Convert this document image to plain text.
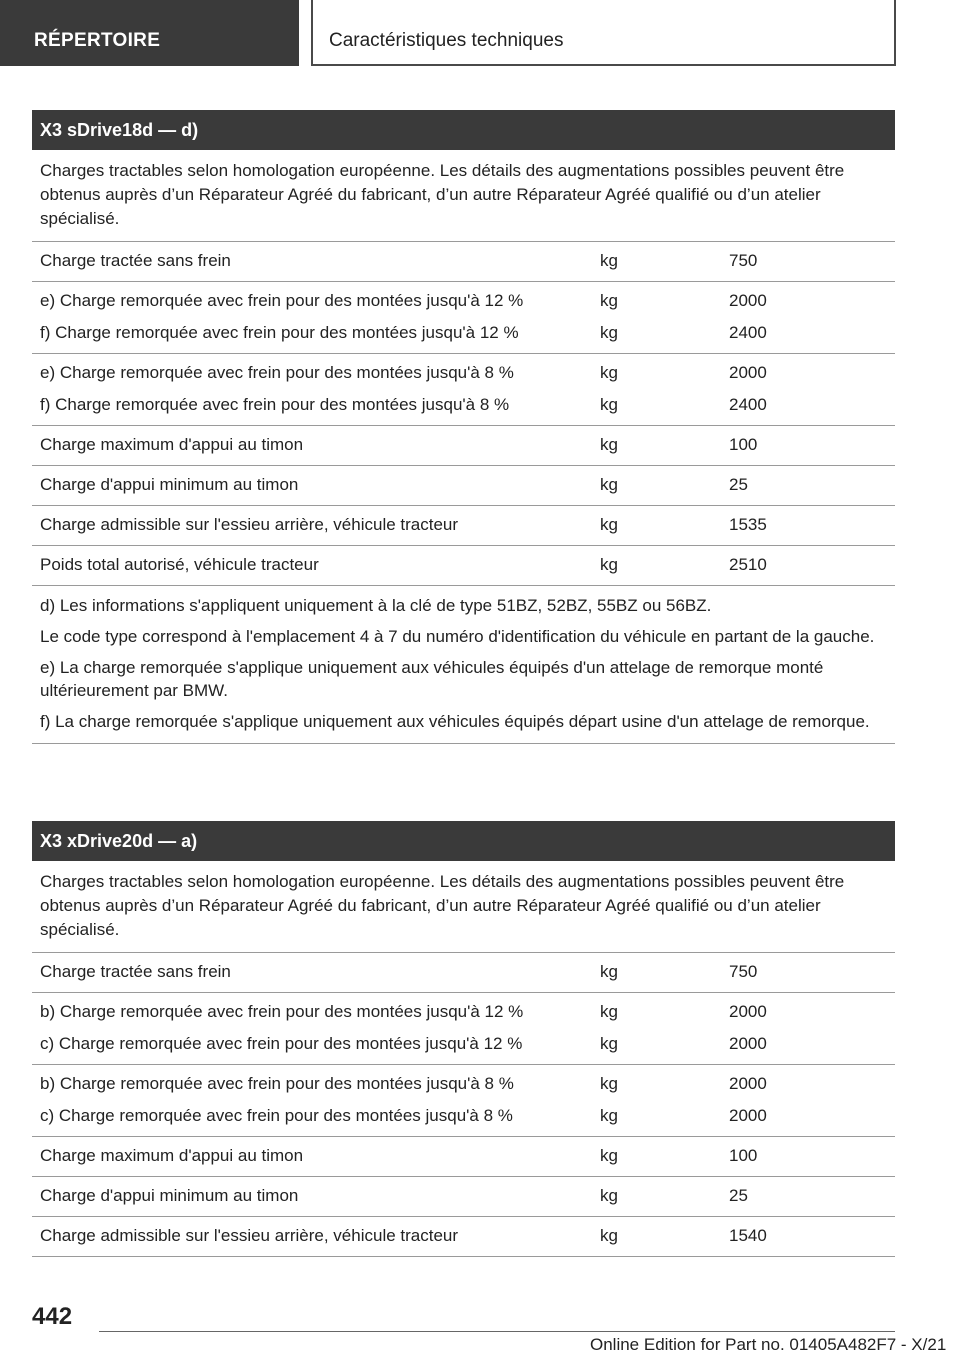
RÉPERTOIRE	Caractéristiques techniques
X3 sDrive18d — d)
Charges tractables selon homologation européenne. Les détails des augmentations possibles peuvent être obtenus auprès d’un Réparateur Agréé du fabricant, d’un autre Réparateur Agréé qualifié ou d’un atelier spécialisé.
Charge tractée sans frein	kg	750
e) Charge remorquée avec frein pour des montées jusqu'à 12 %	kg	2000
f) Charge remorquée avec frein pour des montées jusqu'à 12 %	kg	2400
e) Charge remorquée avec frein pour des montées jusqu'à 8 %	kg	2000
f) Charge remorquée avec frein pour des montées jusqu'à 8 %	kg	2400
Charge maximum d'appui au timon	kg	100
Charge d'appui minimum au timon	kg	25
Charge admissible sur l'essieu arrière, véhicule tracteur	kg	1535
Poids total autorisé, véhicule tracteur	kg	2510

d) Les informations s'appliquent uniquement à la clé de type 51BZ, 52BZ, 55BZ ou 56BZ.

Le code type correspond à l'emplacement 4 à 7 du numéro d'identification du véhicule en partant de la gauche.

e) La charge remorquée s'applique uniquement aux véhicules équipés d'un attelage de remorque monté ultérieurement par BMW.

f) La charge remorquée s'applique uniquement aux véhicules équipés départ usine d'un attelage de remorque.

X3 xDrive20d — a)
Charges tractables selon homologation européenne. Les détails des augmentations possibles peuvent être obtenus auprès d’un Réparateur Agréé du fabricant, d’un autre Réparateur Agréé qualifié ou d’un atelier spécialisé.
Charge tractée sans frein	kg	750
b) Charge remorquée avec frein pour des montées jusqu'à 12 %	kg	2000
c) Charge remorquée avec frein pour des montées jusqu'à 12 %	kg	2000
b) Charge remorquée avec frein pour des montées jusqu'à 8 %	kg	2000
c) Charge remorquée avec frein pour des montées jusqu'à 8 %	kg	2000
Charge maximum d'appui au timon	kg	100
Charge d'appui minimum au timon	kg	25
Charge admissible sur l'essieu arrière, véhicule tracteur	kg	1540
442
Online Edition for Part no. 01405A482F7 - X/21
